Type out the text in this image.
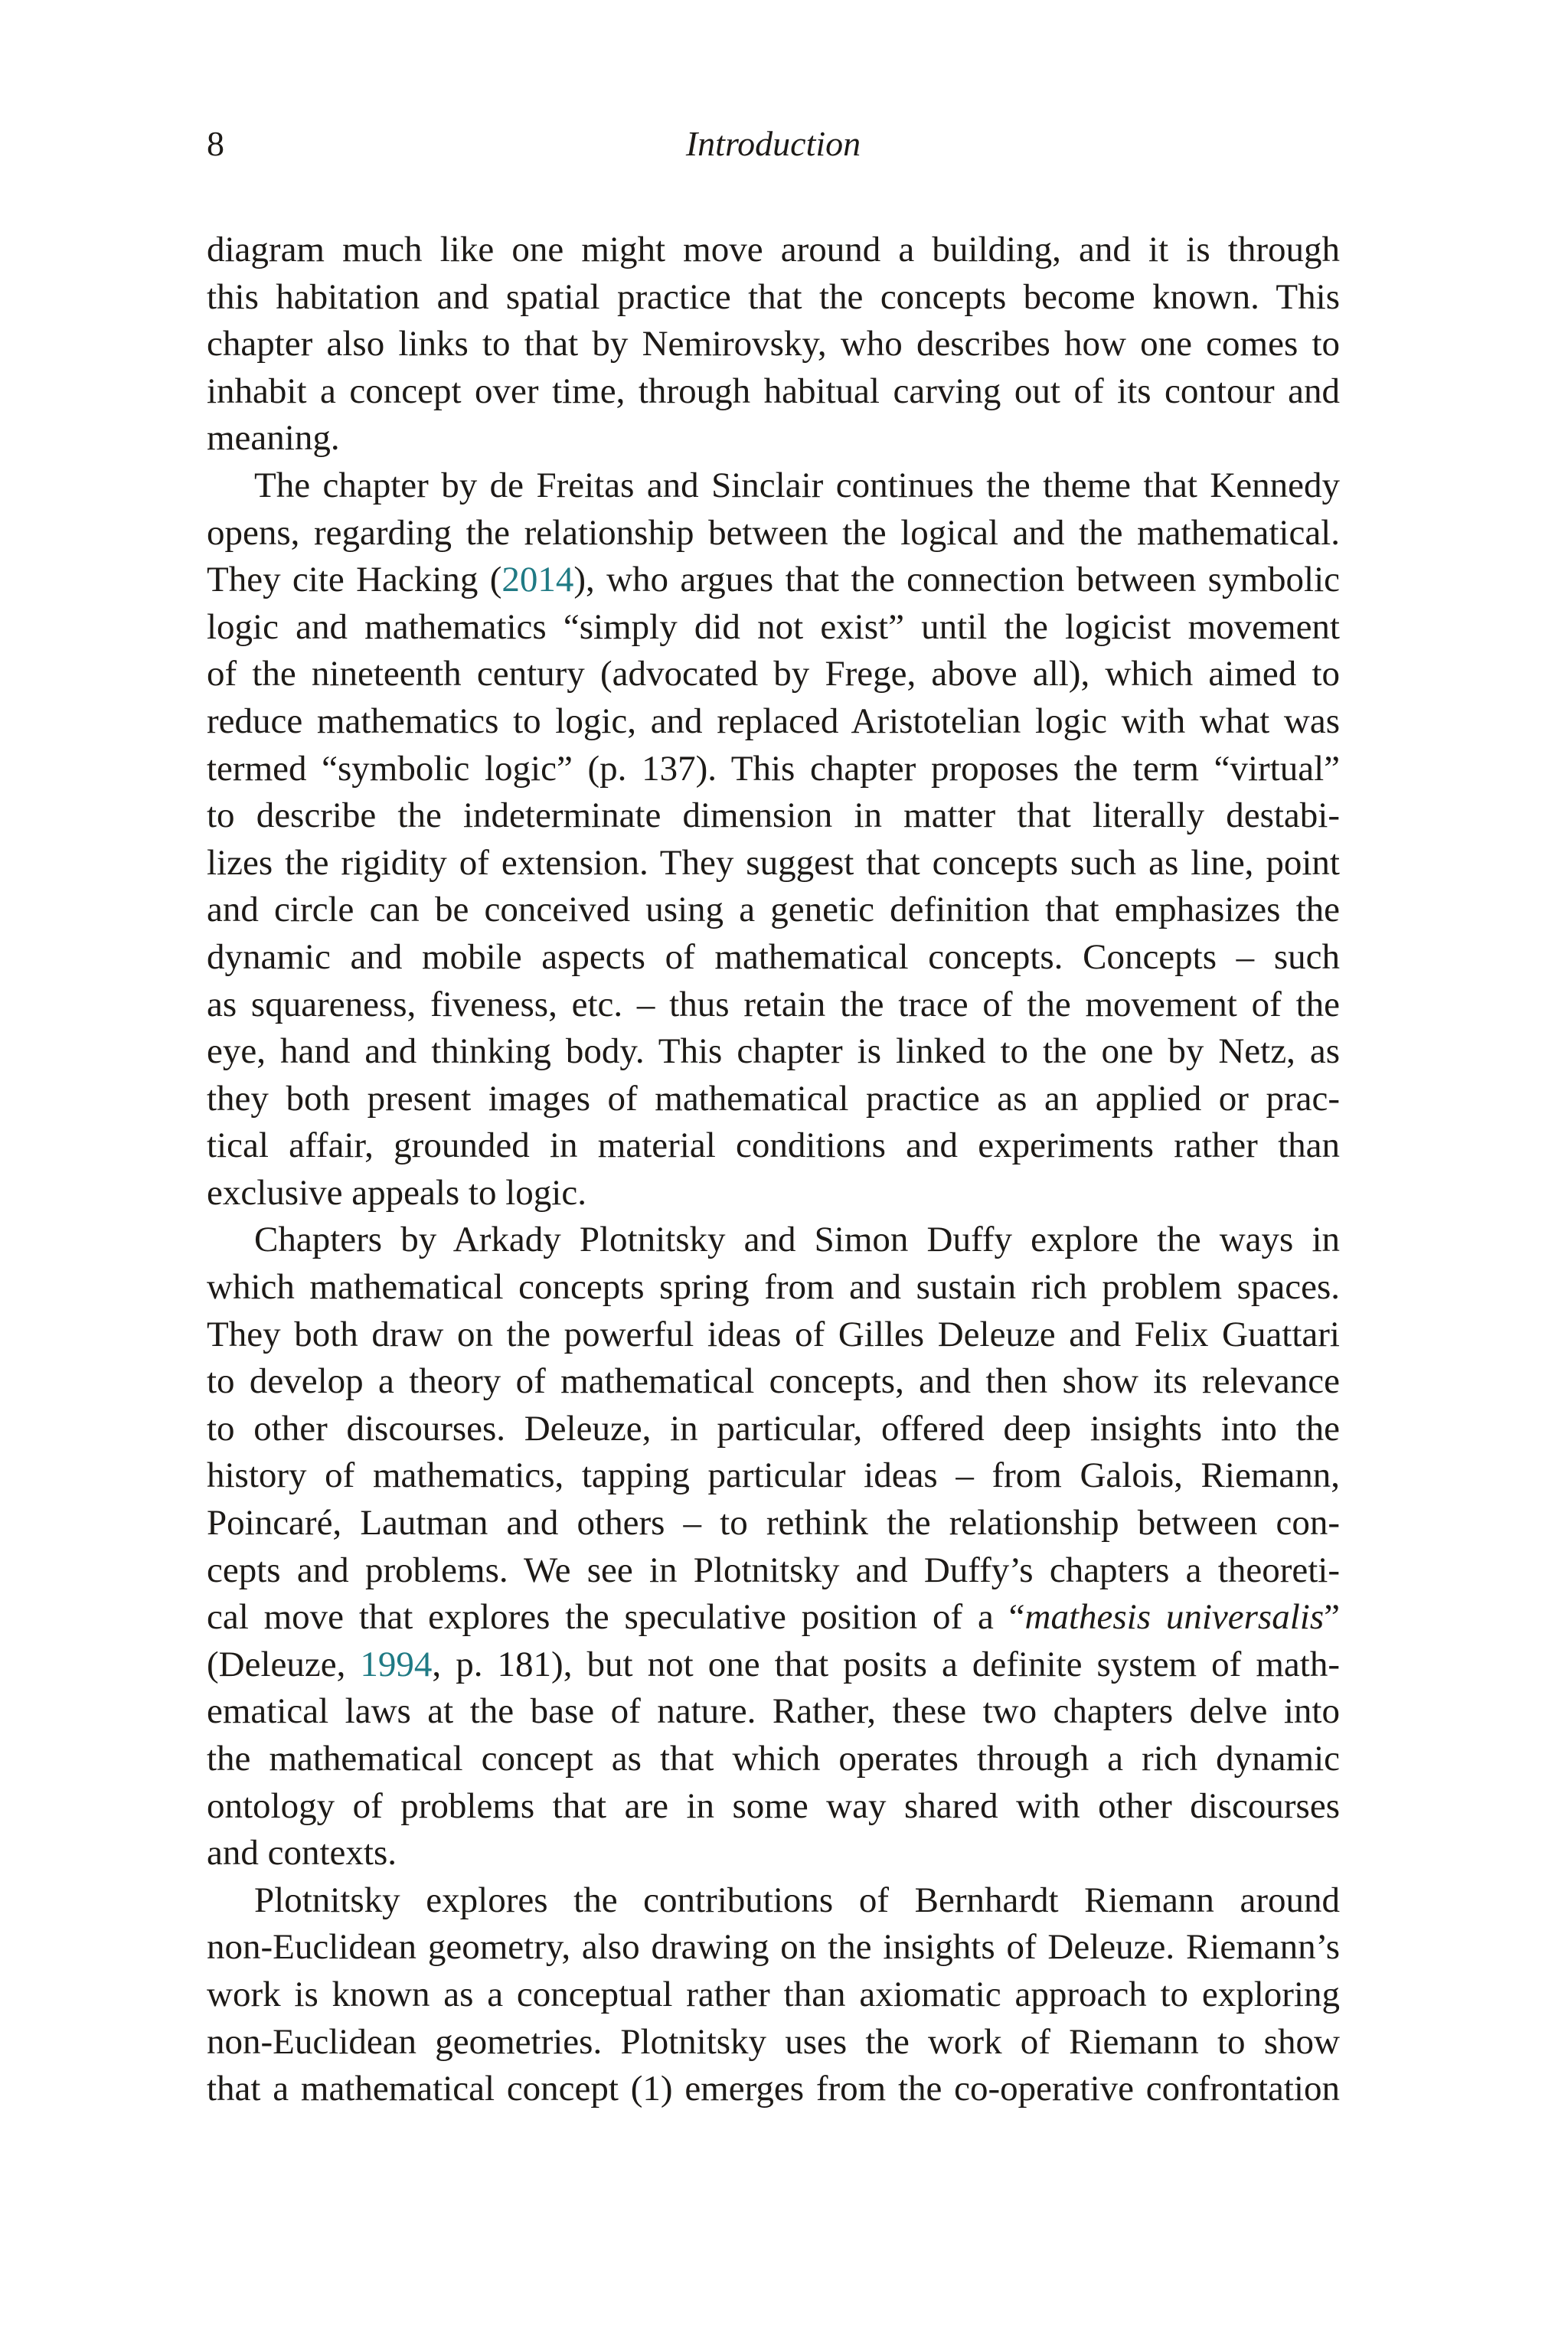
8	Introduction
diagram much like one might move around a building, and it is through
this habitation and spatial practice that the concepts become known. This
chapter also links to that by Nemirovsky, who describes how one comes to
inhabit a concept over time, through habitual carving out of its contour and
meaning.
The chapter by de Freitas and Sinclair continues the theme that Kennedy
opens, regarding the relationship between the logical and the mathematical.
They cite Hacking (2014), who argues that the connection between symbolic
logic and mathematics “simply did not exist” until the logicist movement
of the nineteenth century (advocated by Frege, above all), which aimed to
reduce mathematics to logic, and replaced Aristotelian logic with what was
termed “symbolic logic” (p. 137). This chapter proposes the term “virtual”
to describe the indeterminate dimension in matter that literally destabi-
lizes the rigidity of extension. They suggest that concepts such as line, point
and circle can be conceived using a genetic definition that emphasizes the
dynamic and mobile aspects of mathematical concepts. Concepts – such
as squareness, fiveness, etc. – thus retain the trace of the movement of the
eye, hand and thinking body. This chapter is linked to the one by Netz, as
they both present images of mathematical practice as an applied or prac-
tical affair, grounded in material conditions and experiments rather than
exclusive appeals to logic.
Chapters by Arkady Plotnitsky and Simon Duffy explore the ways in
which mathematical concepts spring from and sustain rich problem spaces.
They both draw on the powerful ideas of Gilles Deleuze and Felix Guattari
to develop a theory of mathematical concepts, and then show its relevance
to other discourses. Deleuze, in particular, offered deep insights into the
history of mathematics, tapping particular ideas – from Galois, Riemann,
Poincaré, Lautman and others – to rethink the relationship between con-
cepts and problems. We see in Plotnitsky and Duffy’s chapters a theoreti-
cal move that explores the speculative position of a “mathesis universalis”
(Deleuze, 1994, p. 181), but not one that posits a definite system of math-
ematical laws at the base of nature. Rather, these two chapters delve into
the mathematical concept as that which operates through a rich dynamic
ontology of problems that are in some way shared with other discourses
and contexts.
Plotnitsky explores the contributions of Bernhardt Riemann around
non-Euclidean geometry, also drawing on the insights of Deleuze. Riemann’s
work is known as a conceptual rather than axiomatic approach to exploring
non-Euclidean geometries. Plotnitsky uses the work of Riemann to show
that a mathematical concept (1) emerges from the co-operative confrontation
